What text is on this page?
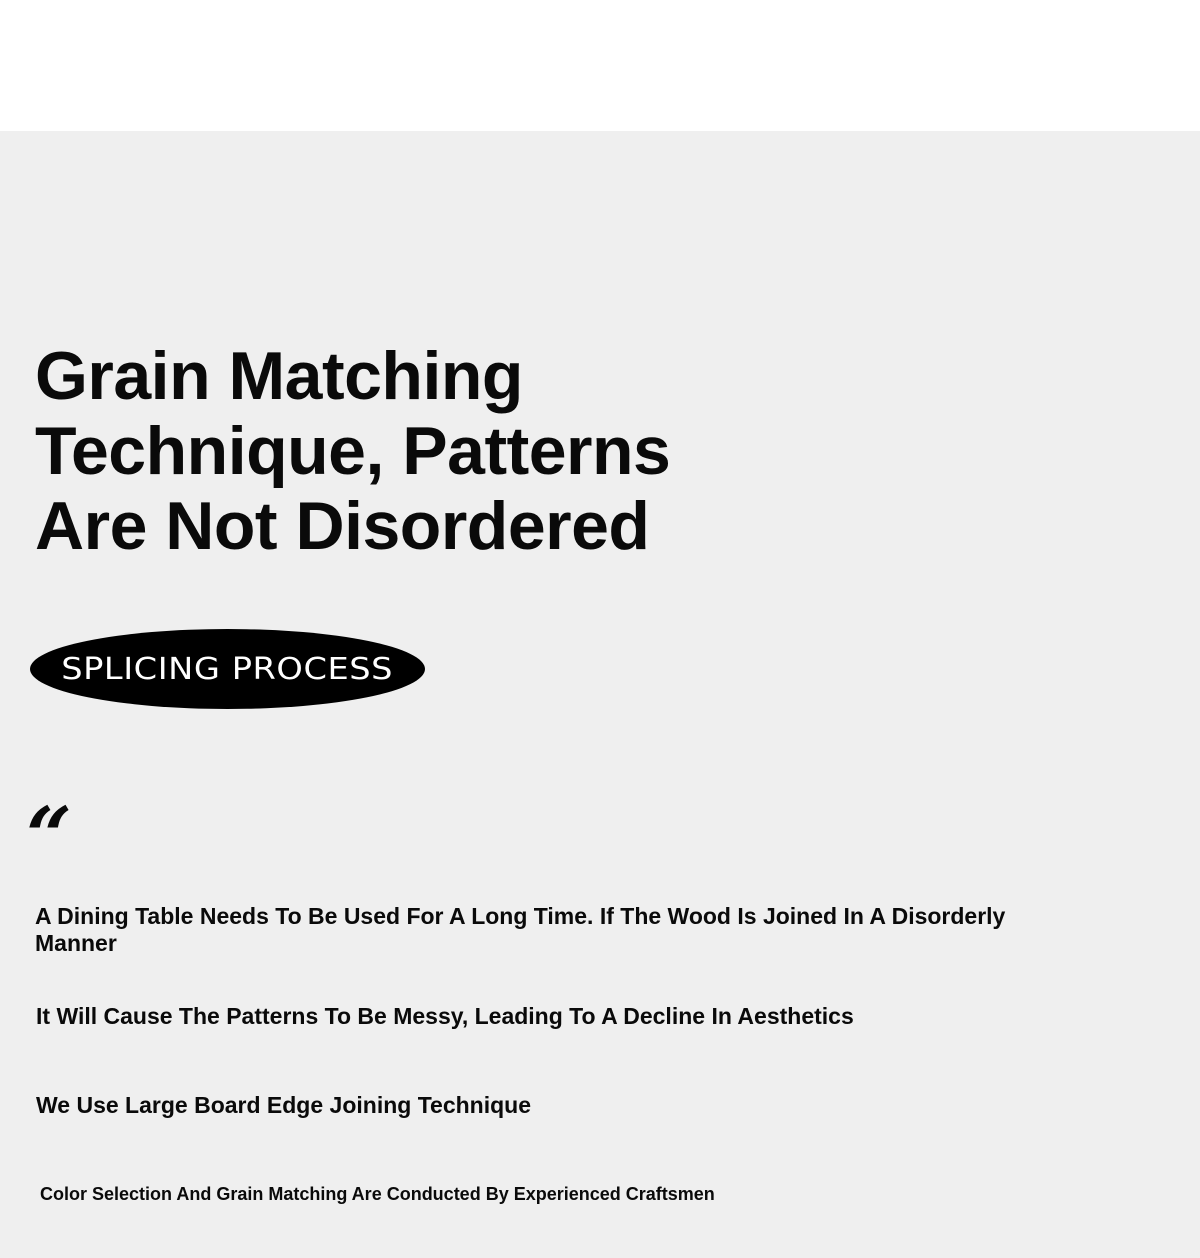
Grain Matching
Technique, Patterns
Are Not Disordered
SPLICING PROCESS
“

A Dining Table Needs To Be Used For A Long Time. If The Wood Is Joined In A Disorderly Manner

It Will Cause The Patterns To Be Messy, Leading To A Decline In Aesthetics

We Use Large Board Edge Joining Technique

Color Selection And Grain Matching Are Conducted By Experienced Craftsmen
